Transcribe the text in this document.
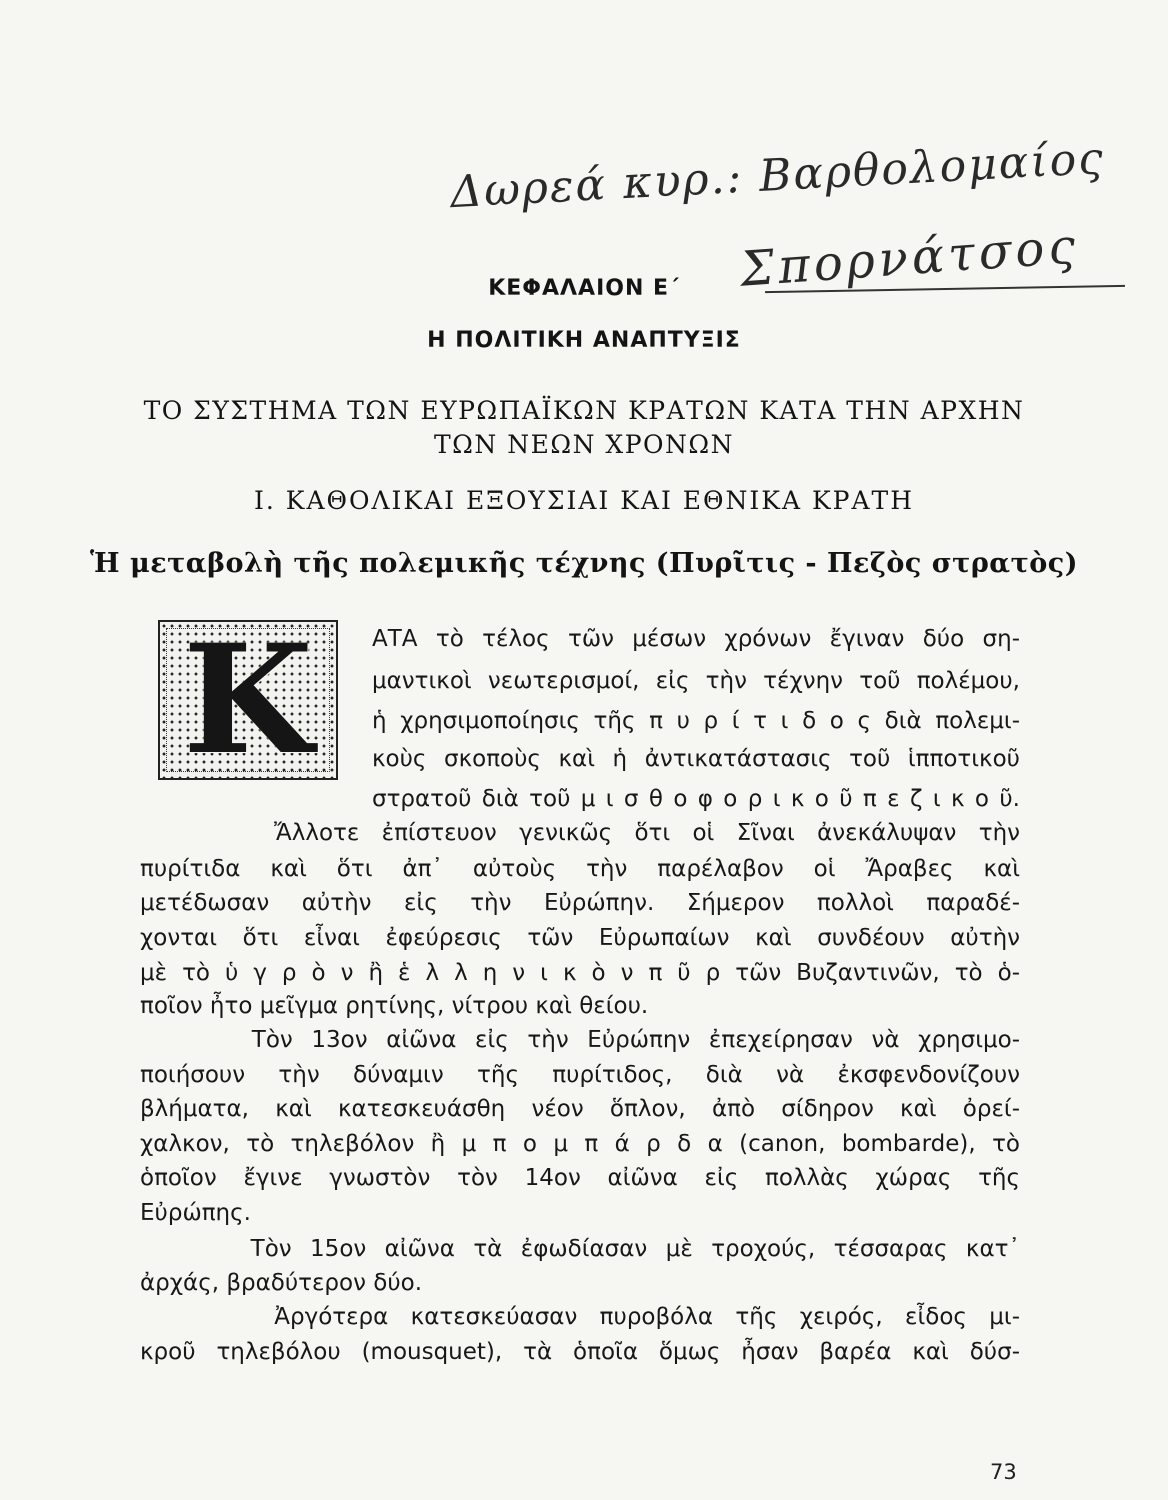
Δωρεά κυρ.: Βαρθολομαίος
Σπορνάτσος
ΚΕΦΑΛΑΙΟΝ Ε΄
Η ΠΟΛΙΤΙΚΗ ΑΝΑΠΤΥΞΙΣ
ΤΟ ΣΥΣΤΗΜΑ ΤΩΝ ΕΥΡΩΠΑΪΚΩΝ ΚΡΑΤΩΝ ΚΑΤΑ ΤΗΝ ΑΡΧΗΝ
ΤΩΝ ΝΕΩΝ ΧΡΟΝΩΝ
Ι. ΚΑΘΟΛΙΚΑΙ ΕΞΟΥΣΙΑΙ ΚΑΙ ΕΘΝΙΚΑ ΚΡΑΤΗ
Ἡ μεταβολὴ τῆς πολεμικῆς τέχνης (Πυρῖτις - Πεζὸς στρατὸς)
Κ	ΑΤΑ τὸ τέλος τῶν μέσων χρόνων ἔγιναν δύο ση-
μαντικοὶ νεωτερισμοί, εἰς τὴν τέχνην τοῦ πολέμου,
ἡ χρησιμοποίησις τῆς π υ ρ ί τ ι δ ο ς διὰ πολεμι-
κοὺς σκοποὺς καὶ ἡ ἀντικατάστασις τοῦ ἱπποτικοῦ
στρατοῦ διὰ τοῦ μ ι σ θ ο φ ο ρ ι κ ο ῦ π ε ζ ι κ ο ῦ.
Ἄλλοτε ἐπίστευον γενικῶς ὅτι οἱ Σῖναι ἀνεκάλυψαν τὴν
πυρίτιδα καὶ ὅτι ἀπ᾽ αὐτοὺς τὴν παρέλαβον οἱ Ἄραβες καὶ
μετέδωσαν αὐτὴν εἰς τὴν Εὐρώπην. Σήμερον πολλοὶ παραδέ-
χονται ὅτι εἶναι ἐφεύρεσις τῶν Εὐρωπαίων καὶ συνδέουν αὐτὴν
μὲ τὸ ὑ γ ρ ὸ ν ἢ ἑ λ λ η ν ι κ ὸ ν π ῦ ρ τῶν Βυζαντινῶν, τὸ ὁ-
ποῖον ἦτο μεῖγμα ρητίνης, νίτρου καὶ θείου.
Τὸν 13ον αἰῶνα εἰς τὴν Εὐρώπην ἐπεχείρησαν νὰ χρησιμο-
ποιήσουν τὴν δύναμιν τῆς πυρίτιδος, διὰ νὰ ἐκσφενδονίζουν
βλήματα, καὶ κατεσκευάσθη νέον ὅπλον, ἀπὸ σίδηρον καὶ ὀρεί-
χαλκον, τὸ τηλεβόλον ἢ μ π ο μ π ά ρ δ α (canon, bombarde), τὸ
ὁποῖον ἔγινε γνωστὸν τὸν 14ον αἰῶνα εἰς πολλὰς χώρας τῆς
Εὐρώπης.
Τὸν 15ον αἰῶνα τὰ ἐφωδίασαν μὲ τροχούς, τέσσαρας κατ᾽
ἀρχάς, βραδύτερον δύο.
Ἀργότερα κατεσκεύασαν πυροβόλα τῆς χειρός, εἶδος μι-
κροῦ τηλεβόλου (mousquet), τὰ ὁποῖα ὅμως ἦσαν βαρέα καὶ δύσ-
73
